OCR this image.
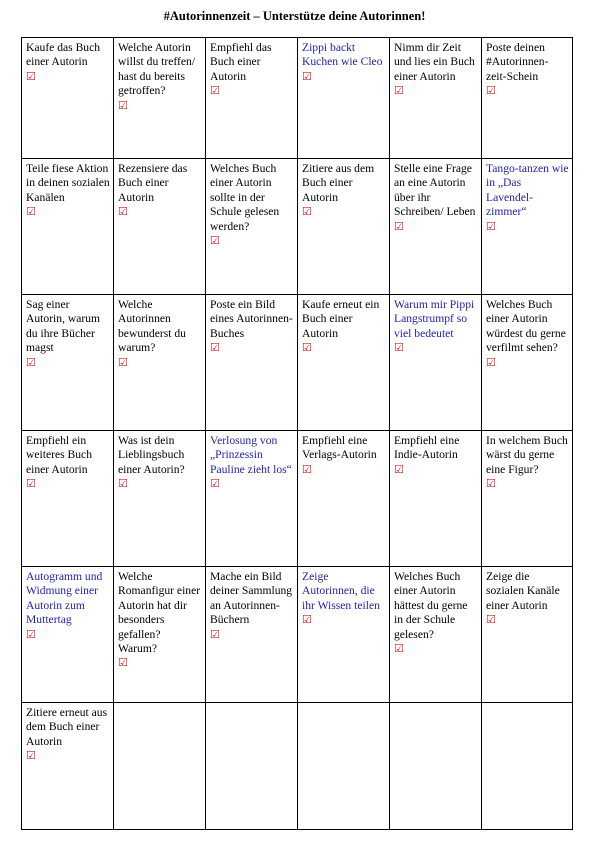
#Autorinnenzeit – Unterstütze deine Autorinnen!
Kaufe das Buch einer Autorin
☑	Welche Autorin willst du treffen/ hast du bereits getroffen?
☑	Empfiehl das Buch einer Autorin
☑	Zippi backt Kuchen wie Cleo
☑	Nimm dir Zeit und lies ein Buch einer Autorin
☑	Poste deinen #Autorinnen-zeit-Schein
☑

Teile fiese Aktion in deinen sozialen Kanälen
☑	Rezensiere das Buch einer Autorin
☑	Welches Buch einer Autorin sollte in der Schule gelesen werden?
☑	Zitiere aus dem Buch einer Autorin
☑	Stelle eine Frage an eine Autorin über ihr Schreiben/ Leben
☑	Tango-tanzen wie in „Das Lavendel-zimmer“
☑

Sag einer Autorin, warum du ihre Bücher magst
☑	Welche Autorinnen bewunderst du warum?
☑	Poste ein Bild eines Autorinnen-Buches
☑	Kaufe erneut ein Buch einer Autorin
☑	Warum mir Pippi Langstrumpf so viel bedeutet
☑	Welches Buch einer Autorin würdest du gerne verfilmt sehen?
☑

Empfiehl ein weiteres Buch einer Autorin
☑	Was ist dein Lieblingsbuch einer Autorin?
☑	Verlosung von „Prinzessin Pauline zieht los“
☑	Empfiehl eine Verlags-Autorin
☑	Empfiehl eine Indie-Autorin
☑	In welchem Buch wärst du gerne eine Figur?
☑

Autogramm und Widmung einer Autorin zum Muttertag
☑	Welche Romanfigur einer Autorin hat dir besonders gefallen? Warum?
☑	Mache ein Bild deiner Sammlung an Autorinnen-Büchern
☑	Zeige Autorinnen, die ihr Wissen teilen
☑	Welches Buch einer Autorin hättest du gerne in der Schule gelesen?
☑	Zeige die sozialen Kanäle einer Autorin
☑

Zitiere erneut aus dem Buch einer Autorin
☑					
